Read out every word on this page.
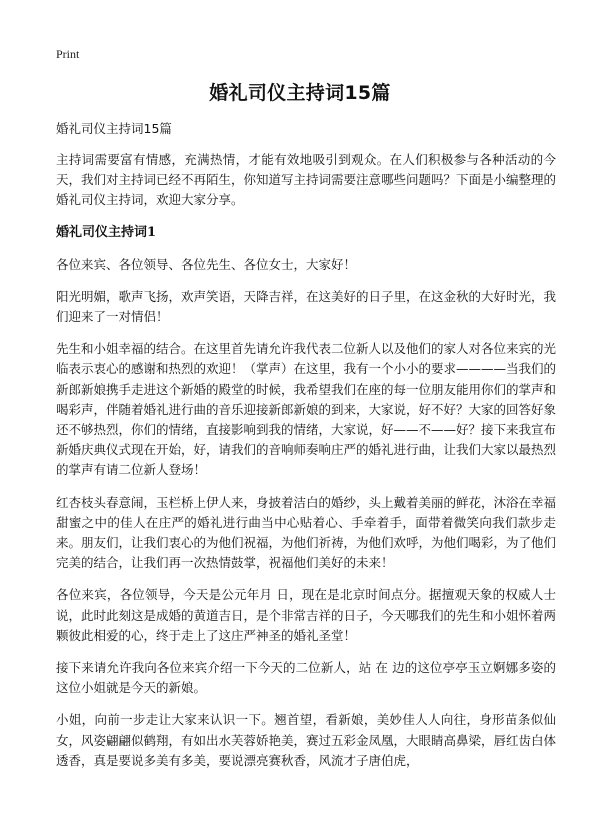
Print
婚礼司仪主持词15篇
婚礼司仪主持词15篇

主持词需要富有情感，充满热情，才能有效地吸引到观众。在人们积极参与各种活动的今天，我们对主持词已经不再陌生，你知道写主持词需要注意哪些问题吗？下面是小编整理的婚礼司仪主持词，欢迎大家分享。

婚礼司仪主持词1

各位来宾、各位领导、各位先生、各位女士，大家好！

阳光明媚，歌声飞扬，欢声笑语，天降吉祥，在这美好的日子里，在这金秋的大好时光，我们迎来了一对情侣！

先生和小姐幸福的结合。在这里首先请允许我代表二位新人以及他们的家人对各位来宾的光临表示衷心的感谢和热烈的欢迎！（掌声）在这里，我有一个小小的要求————当我们的新郎新娘携手走进这个新婚的殿堂的时候，我希望我们在座的每一位朋友能用你们的掌声和喝彩声，伴随着婚礼进行曲的音乐迎接新郎新娘的到来，大家说，好不好？大家的回答好象还不够热烈，你们的情绪，直接影响到我的情绪，大家说，好——不——好？接下来我宣布新婚庆典仪式现在开始，好，请我们的音响师奏响庄严的婚礼进行曲，让我们大家以最热烈的掌声有请二位新人登场！

红杏枝头春意闹，玉栏桥上伊人来，身披着洁白的婚纱，头上戴着美丽的鲜花，沐浴在幸福甜蜜之中的佳人在庄严的婚礼进行曲当中心贴着心、手牵着手，面带着微笑向我们款步走来。朋友们，让我们衷心的为他们祝福，为他们祈祷，为他们欢呼，为他们喝彩，为了他们完美的结合，让我们再一次热情鼓掌，祝福他们美好的未来！

各位来宾，各位领导，今天是公元年月 日，现在是北京时间点分。据擅观天象的权威人士说，此时此刻这是成婚的黄道吉日，是个非常吉祥的日子，今天哪我们的先生和小姐怀着两颗彼此相爱的心，终于走上了这庄严神圣的婚礼圣堂！

接下来请允许我向各位来宾介绍一下今天的二位新人，站 在 边的这位亭亭玉立婀娜多姿的这位小姐就是今天的新娘。

小姐，向前一步走让大家来认识一下。翘首望，看新娘，美妙佳人人向往，身形苗条似仙女，风姿翩翩似鹤翔，有如出水芙蓉娇艳美，赛过五彩金凤凰，大眼睛高鼻梁，唇红齿白体透香，真是要说多美有多美，要说漂亮赛秋香，风流才子唐伯虎，
